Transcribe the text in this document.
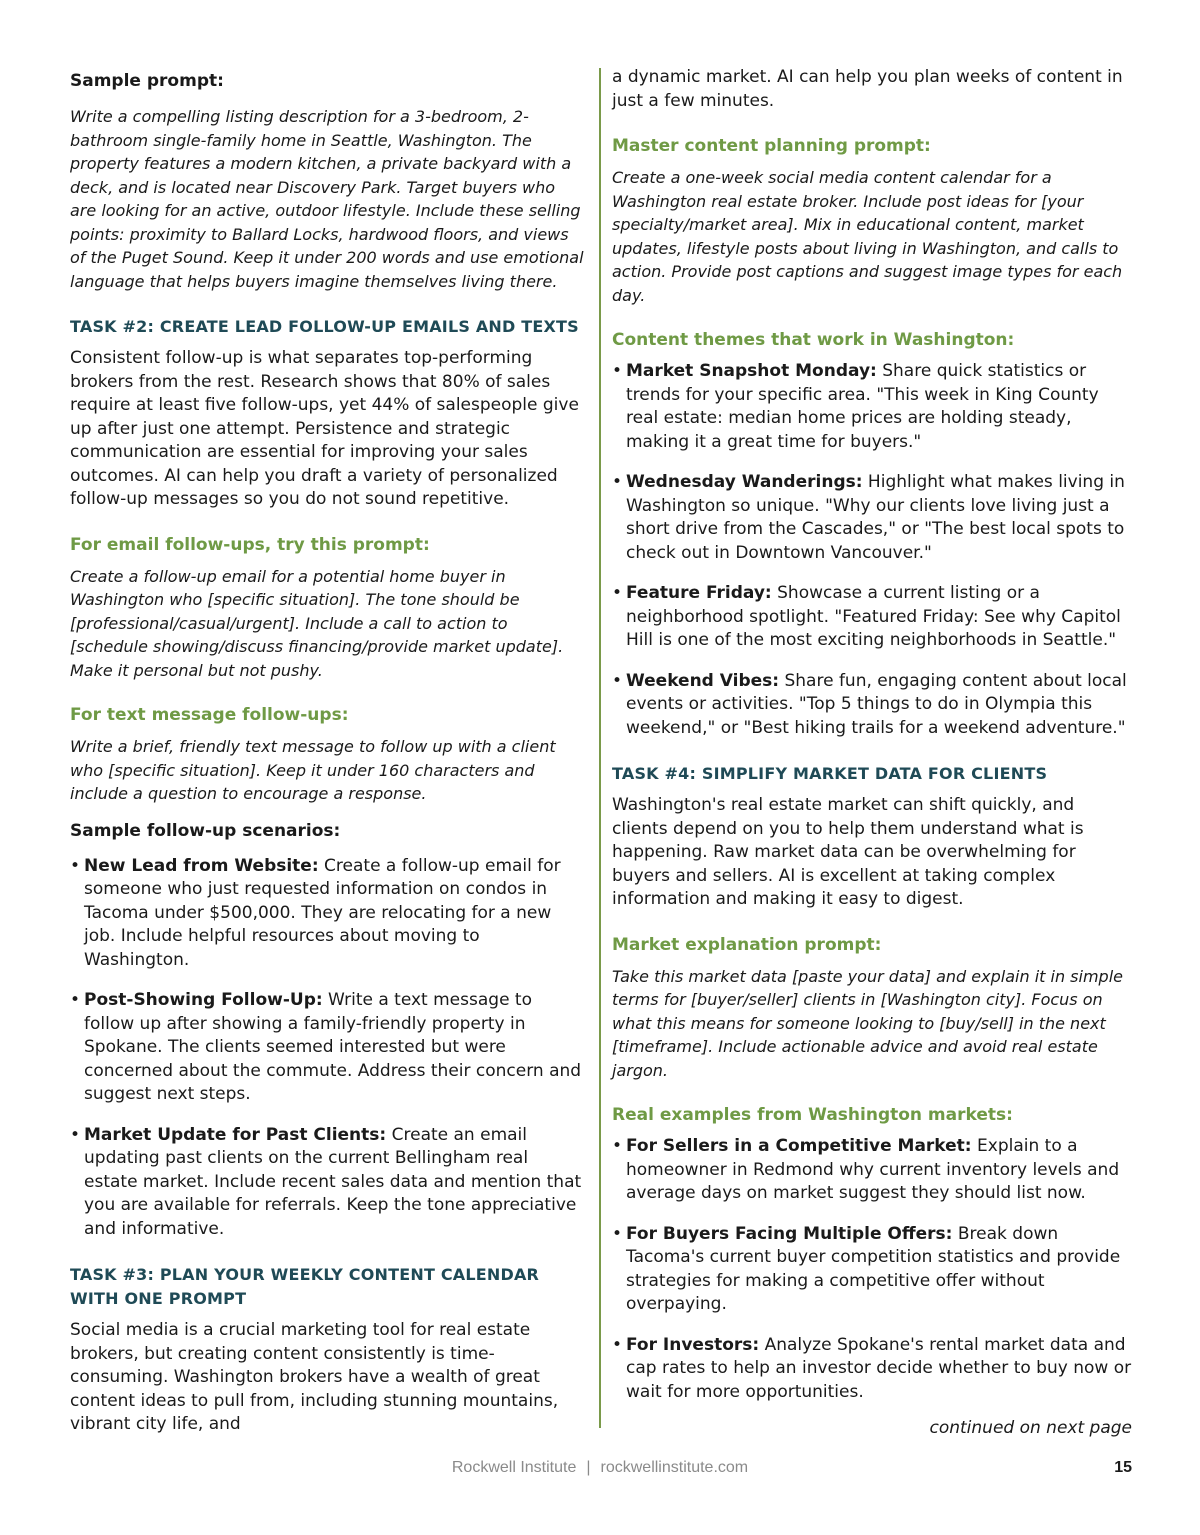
Sample prompt:

Write a compelling listing description for a 3-bedroom, 2-bathroom single-family home in Seattle, Washington. The property features a modern kitchen, a private backyard with a deck, and is located near Discovery Park. Target buyers who are looking for an active, outdoor lifestyle. Include these selling points: proximity to Ballard Locks, hardwood floors, and views of the Puget Sound. Keep it under 200 words and use emotional language that helps buyers imagine themselves living there.

TASK #2: CREATE LEAD FOLLOW-UP EMAILS AND TEXTS

Consistent follow-up is what separates top-performing brokers from the rest. Research shows that 80% of sales require at least five follow-ups, yet 44% of salespeople give up after just one attempt. Persistence and strategic communication are essential for improving your sales outcomes. AI can help you draft a variety of personalized follow-up messages so you do not sound repetitive.

For email follow-ups, try this prompt:

Create a follow-up email for a potential home buyer in Washington who [specific situation]. The tone should be [professional/casual/urgent]. Include a call to action to [schedule showing/discuss financing/provide market update]. Make it personal but not pushy.

For text message follow-ups:

Write a brief, friendly text message to follow up with a client who [specific situation]. Keep it under 160 characters and include a question to encourage a response.

Sample follow-up scenarios:

• New Lead from Website: Create a follow-up email for someone who just requested information on condos in Tacoma under $500,000. They are relocating for a new job. Include helpful resources about moving to Washington.
• Post-Showing Follow-Up: Write a text message to follow up after showing a family-friendly property in Spokane. The clients seemed interested but were concerned about the commute. Address their concern and suggest next steps.
• Market Update for Past Clients: Create an email updating past clients on the current Bellingham real estate market. Include recent sales data and mention that you are available for referrals. Keep the tone appreciative and informative.
TASK #3: PLAN YOUR WEEKLY CONTENT CALENDAR WITH ONE PROMPT

Social media is a crucial marketing tool for real estate brokers, but creating content consistently is time-consuming. Washington brokers have a wealth of great content ideas to pull from, including stunning mountains, vibrant city life, and

a dynamic market. AI can help you plan weeks of content in just a few minutes.

Master content planning prompt:

Create a one-week social media content calendar for a Washington real estate broker. Include post ideas for [your specialty/market area]. Mix in educational content, market updates, lifestyle posts about living in Washington, and calls to action. Provide post captions and suggest image types for each day.

Content themes that work in Washington:
• Market Snapshot Monday: Share quick statistics or trends for your specific area. "This week in King County real estate: median home prices are holding steady, making it a great time for buyers."
• Wednesday Wanderings: Highlight what makes living in Washington so unique. "Why our clients love living just a short drive from the Cascades," or "The best local spots to check out in Downtown Vancouver."
• Feature Friday: Showcase a current listing or a neighborhood spotlight. "Featured Friday: See why Capitol Hill is one of the most exciting neighborhoods in Seattle."
• Weekend Vibes: Share fun, engaging content about local events or activities. "Top 5 things to do in Olympia this weekend," or "Best hiking trails for a weekend adventure."
TASK #4: SIMPLIFY MARKET DATA FOR CLIENTS

Washington's real estate market can shift quickly, and clients depend on you to help them understand what is happening. Raw market data can be overwhelming for buyers and sellers. AI is excellent at taking complex information and making it easy to digest.

Market explanation prompt:

Take this market data [paste your data] and explain it in simple terms for [buyer/seller] clients in [Washington city]. Focus on what this means for someone looking to [buy/sell] in the next [timeframe]. Include actionable advice and avoid real estate jargon.

Real examples from Washington markets:
• For Sellers in a Competitive Market: Explain to a homeowner in Redmond why current inventory levels and average days on market suggest they should list now.
• For Buyers Facing Multiple Offers: Break down Tacoma's current buyer competition statistics and provide strategies for making a competitive offer without overpaying.
• For Investors: Analyze Spokane's rental market data and cap rates to help an investor decide whether to buy now or wait for more opportunities.
continued on next page
Rockwell Institute | rockwellinstitute.com	15
